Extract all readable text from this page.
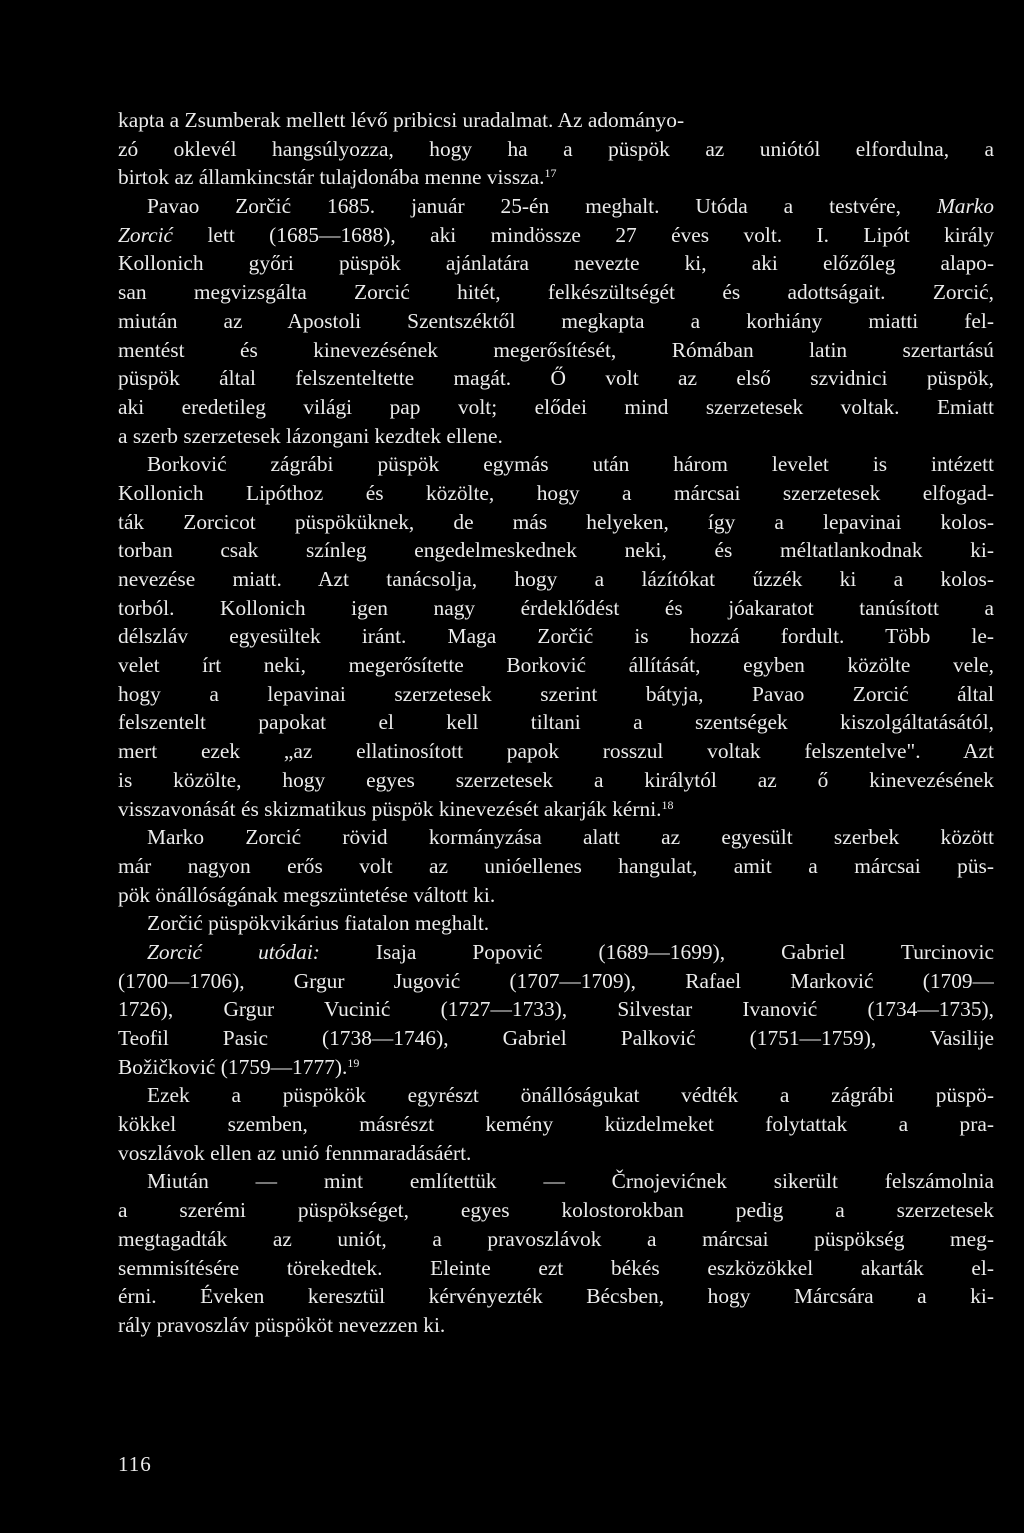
kapta a Zsumberak mellett lévő pribicsi uradalmat. Az adományo-
zó oklevél hangsúlyozza, hogy ha a püspök az uniótól elfordulna, a
birtok az államkincstár tulajdonába menne vissza.$^{17}$
Pavao Zorčić 1685. január 25-én meghalt. Utóda a testvére, Marko
Zorcić lett (1685—1688), aki mindössze 27 éves volt. I. Lipót király
Kollonich győri püspök ajánlatára nevezte ki, aki előzőleg alapo-
san megvizsgálta Zorcić hitét, felkészültségét és adottságait. Zorcić,
miután az Apostoli Szentszéktől megkapta a korhiány miatti fel-
mentést és kinevezésének megerősítését, Rómában latin szertartású
püspök által felszenteltette magát. Ő volt az első szvidnici püspök,
aki eredetileg világi pap volt; elődei mind szerzetesek voltak. Emiatt
a szerb szerzetesek lázongani kezdtek ellene.
Borković zágrábi püspök egymás után három levelet is intézett
Kollonich Lipóthoz és közölte, hogy a márcsai szerzetesek elfogad-
ták Zorcicot püspöküknek, de más helyeken, így a lepavinai kolos-
torban csak színleg engedelmeskednek neki, és méltatlankodnak ki-
nevezése miatt. Azt tanácsolja, hogy a lázítókat űzzék ki a kolos-
torból. Kollonich igen nagy érdeklődést és jóakaratot tanúsított a
délszláv egyesültek iránt. Maga Zorčić is hozzá fordult. Több le-
velet írt neki, megerősítette Borković állítását, egyben közölte vele,
hogy a lepavinai szerzetesek szerint bátyja, Pavao Zorcić által
felszentelt papokat el kell tiltani a szentségek kiszolgáltatásától,
mert ezek „az ellatinosított papok rosszul voltak felszentelve". Azt
is közölte, hogy egyes szerzetesek a királytól az ő kinevezésének
visszavonását és skizmatikus püspök kinevezését akarják kérni.$^{18}$
Marko Zorcić rövid kormányzása alatt az egyesült szerbek között
már nagyon erős volt az unióellenes hangulat, amit a márcsai püs-
pök önállóságának megszüntetése váltott ki.
Zorčić püspökvikárius fiatalon meghalt.
Zorcić utódai: Isaja Popović (1689—1699), Gabriel Turcinovic
(1700—1706), Grgur Jugović (1707—1709), Rafael Marković (1709—
1726), Grgur Vucinić (1727—1733), Silvestar Ivanović (1734—1735),
Teofil Pasic (1738—1746), Gabriel Palković (1751—1759), Vasilije
Božičković (1759—1777).$^{19}$
Ezek a püspökök egyrészt önállóságukat védték a zágrábi püspö-
kökkel szemben, másrészt kemény küzdelmeket folytattak a pra-
voszlávok ellen az unió fennmaradásáért.
Miután — mint említettük — Črnojevićnek sikerült felszámolnia
a szerémi püspökséget, egyes kolostorokban pedig a szerzetesek
megtagadták az uniót, a pravoszlávok a márcsai püspökség meg-
semmisítésére törekedtek. Eleinte ezt békés eszközökkel akarták el-
érni. Éveken keresztül kérvényezték Bécsben, hogy Márcsára a ki-
rály pravoszláv püspököt nevezzen ki.
116
